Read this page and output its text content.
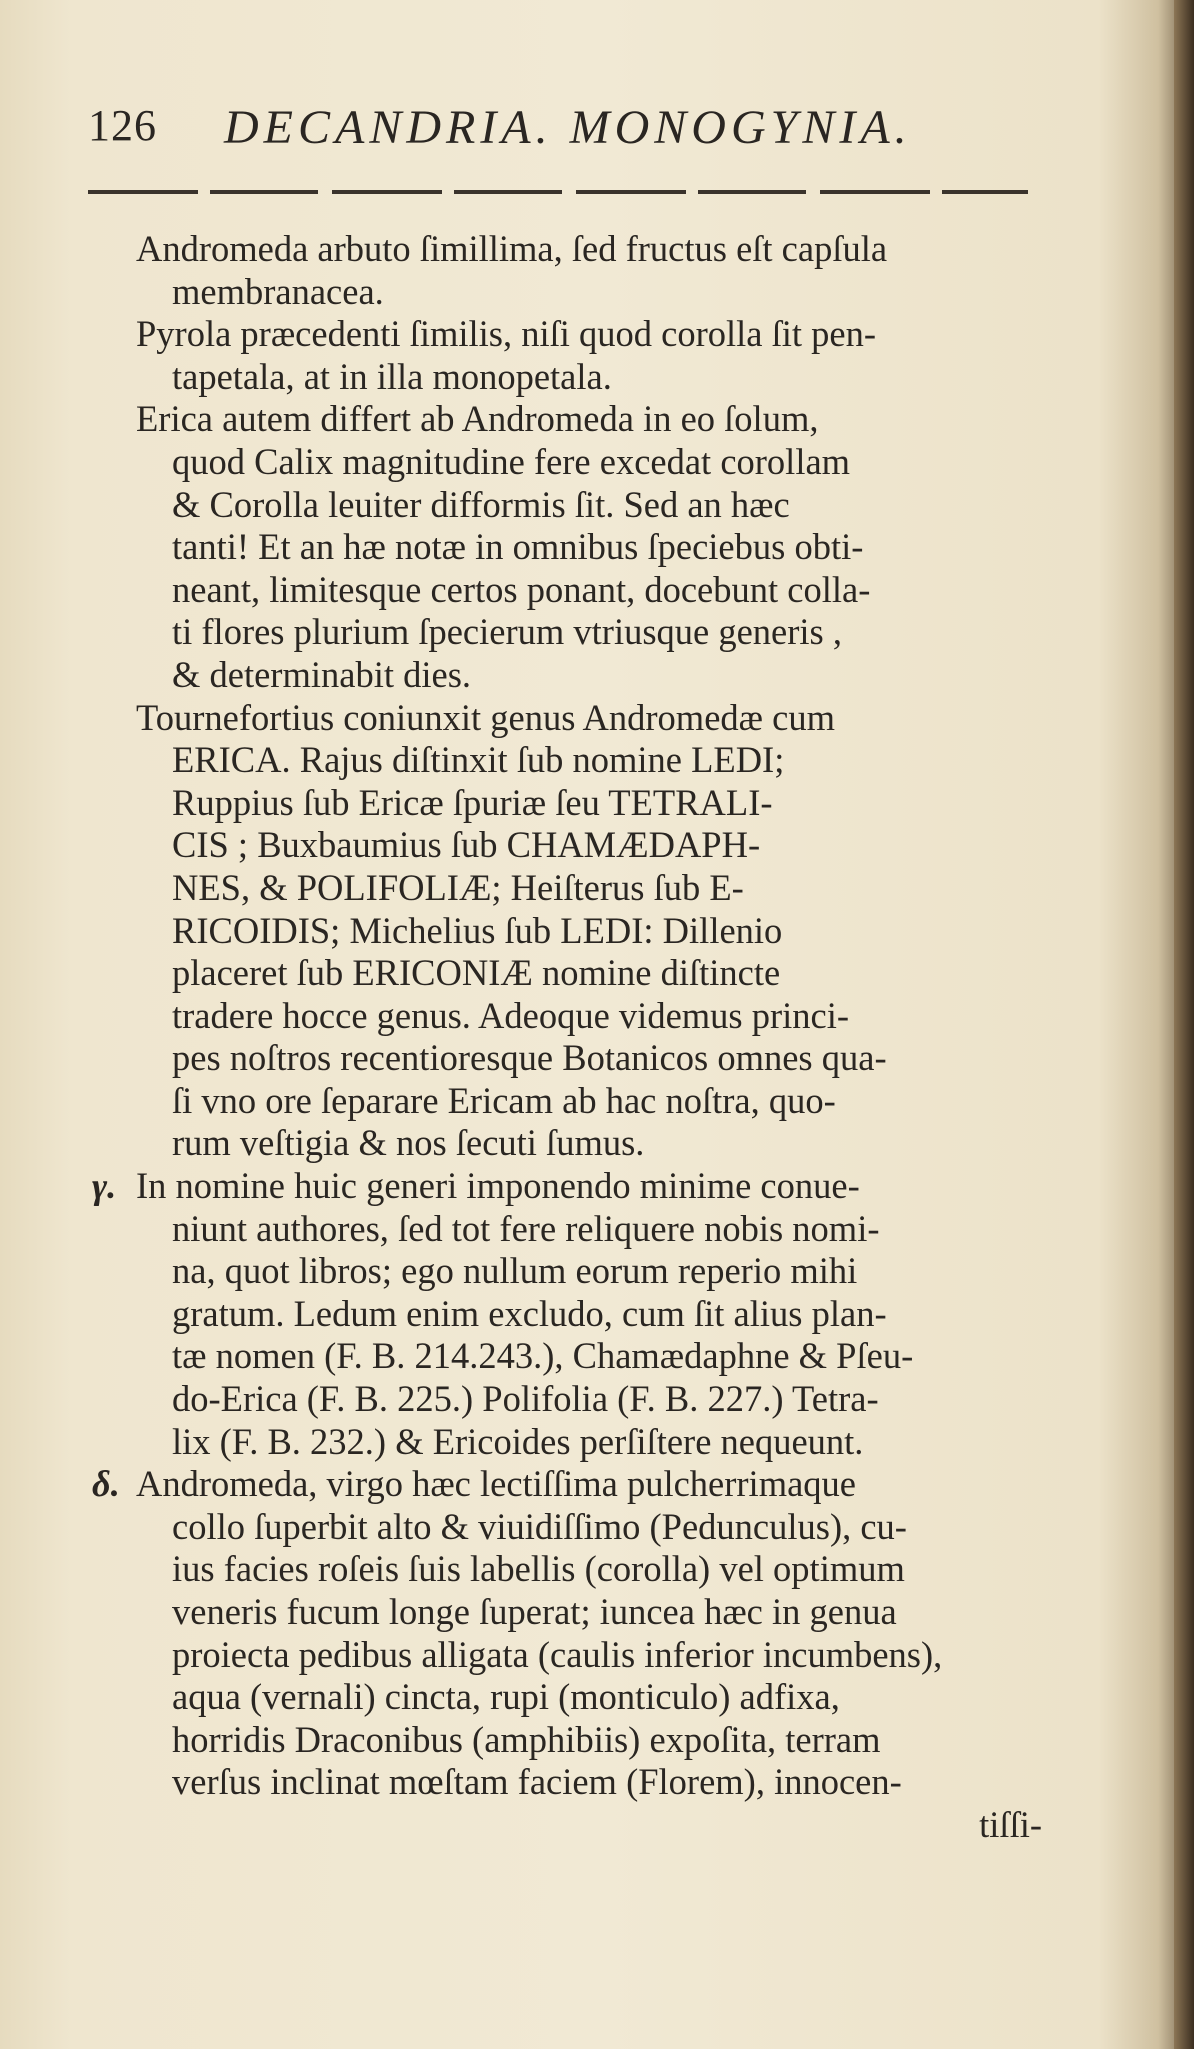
126 DECANDRIA. MONOGYNIA.
Andromeda arbuto ſimillima, ſed fructus eſt capſula
membranacea.
Pyrola præcedenti ſimilis, niſi quod corolla ſit pen-
tapetala, at in illa monopetala.
Erica autem differt ab Andromeda in eo ſolum,
quod Calix magnitudine fere excedat corollam
& Corolla leuiter difformis ſit. Sed an hæc
tanti! Et an hæ notæ in omnibus ſpeciebus obti-
neant, limitesque certos ponant, docebunt colla-
ti flores plurium ſpecierum vtriusque generis ,
& determinabit dies.
Tournefortius coniunxit genus Andromedæ cum
ERICA. Rajus diſtinxit ſub nomine LEDI;
Ruppius ſub Ericæ ſpuriæ ſeu TETRALI-
CIS ; Buxbaumius ſub CHAMÆDAPH-
NES, & POLIFOLIÆ; Heiſterus ſub E-
RICOIDIS; Michelius ſub LEDI: Dillenio
placeret ſub ERICONIÆ nomine diſtincte
tradere hocce genus. Adeoque videmus princi-
pes noſtros recentioresque Botanicos omnes qua-
ſi vno ore ſeparare Ericam ab hac noſtra, quo-
rum veſtigia & nos ſecuti ſumus.
γ. In nomine huic generi imponendo minime conue-
niunt authores, ſed tot fere reliquere nobis nomi-
na, quot libros; ego nullum eorum reperio mihi
gratum. Ledum enim excludo, cum ſit alius plan-
tæ nomen (F. B. 214.243.), Chamædaphne & Pſeu-
do-Erica (F. B. 225.) Polifolia (F. B. 227.) Tetra-
lix (F. B. 232.) & Ericoides perſiſtere nequeunt.
δ. Andromeda, virgo hæc lectiſſima pulcherrimaque
collo ſuperbit alto & viuidiſſimo (Pedunculus), cu-
ius facies roſeis ſuis labellis (corolla) vel optimum
veneris fucum longe ſuperat; iuncea hæc in genua
proiecta pedibus alligata (caulis inferior incumbens),
aqua (vernali) cincta, rupi (monticulo) adfixa,
horridis Draconibus (amphibiis) expoſita, terram
verſus inclinat mœſtam faciem (Florem), innocen-
tiſſi-
